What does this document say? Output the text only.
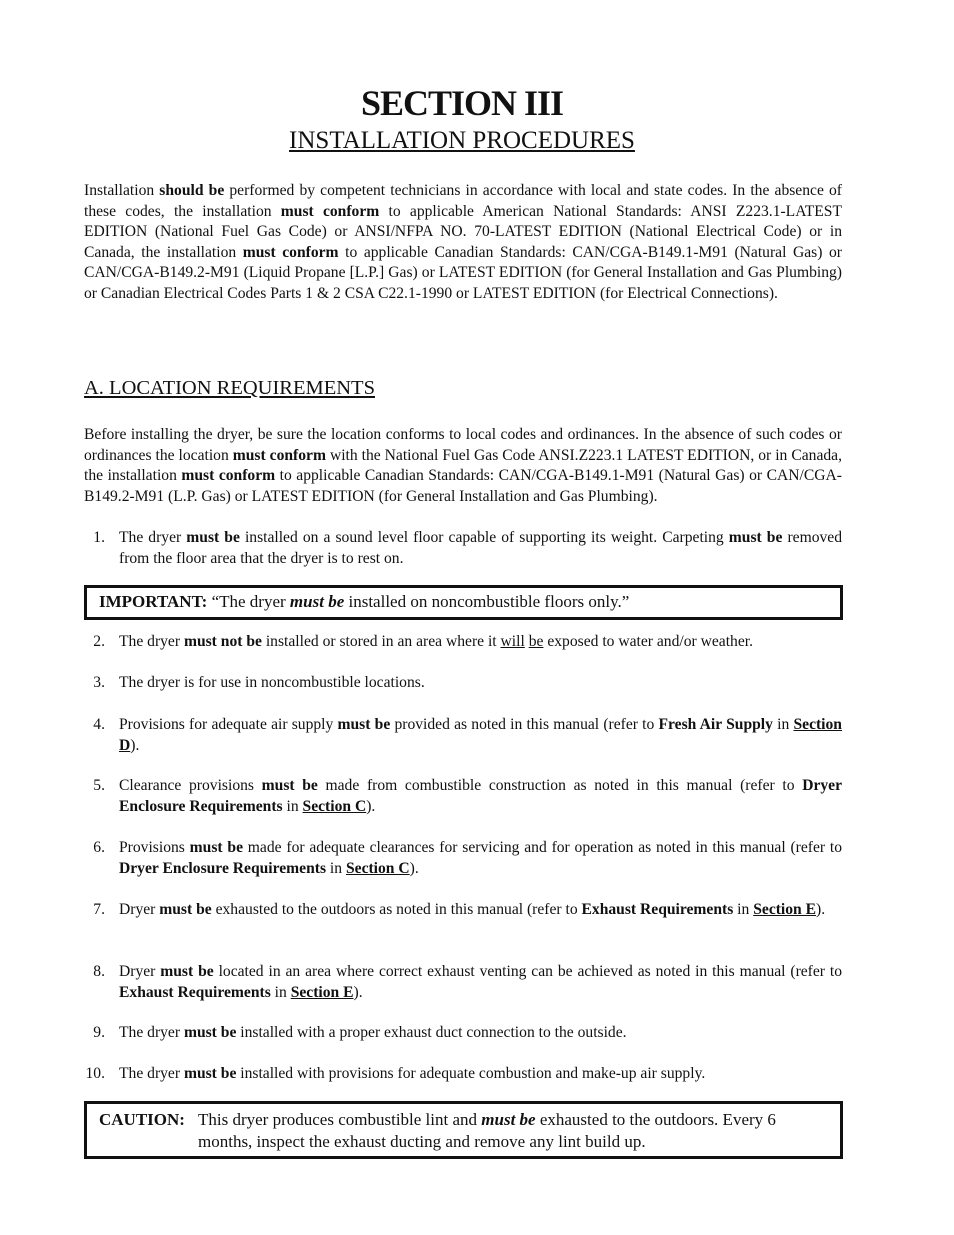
SECTION III
INSTALLATION PROCEDURES
Installation should be performed by competent technicians in accordance with local and state codes. In the absence of these codes, the installation must conform to applicable American National Standards: ANSI Z223.1-LATEST EDITION (National Fuel Gas Code) or ANSI/NFPA NO. 70-LATEST EDITION (National Electrical Code) or in Canada, the installation must conform to applicable Canadian Standards: CAN/CGA-B149.1-M91 (Natural Gas) or CAN/CGA-B149.2-M91 (Liquid Propane [L.P.] Gas) or LATEST EDITION (for General Installation and Gas Plumbing) or Canadian Electrical Codes Parts 1 & 2 CSA C22.1-1990 or LATEST EDITION (for Electrical Connections).
A. LOCATION REQUIREMENTS
Before installing the dryer, be sure the location conforms to local codes and ordinances. In the absence of such codes or ordinances the location must conform with the National Fuel Gas Code ANSI.Z223.1 LATEST EDITION, or in Canada, the installation must conform to applicable Canadian Standards: CAN/CGA-B149.1-M91 (Natural Gas) or CAN/CGA-B149.2-M91 (L.P. Gas) or LATEST EDITION (for General Installation and Gas Plumbing).
1. The dryer must be installed on a sound level floor capable of supporting its weight. Carpeting must be removed from the floor area that the dryer is to rest on.
IMPORTANT: “The dryer must be installed on noncombustible floors only.”
2. The dryer must not be installed or stored in an area where it will be exposed to water and/or weather.
3. The dryer is for use in noncombustible locations.
4. Provisions for adequate air supply must be provided as noted in this manual (refer to Fresh Air Supply in Section D).
5. Clearance provisions must be made from combustible construction as noted in this manual (refer to Dryer Enclosure Requirements in Section C).
6. Provisions must be made for adequate clearances for servicing and for operation as noted in this manual (refer to Dryer Enclosure Requirements in Section C).
7. Dryer must be exhausted to the outdoors as noted in this manual (refer to Exhaust Requirements in Section E).
8. Dryer must be located in an area where correct exhaust venting can be achieved as noted in this manual (refer to Exhaust Requirements in Section E).
9. The dryer must be installed with a proper exhaust duct connection to the outside.
10. The dryer must be installed with provisions for adequate combustion and make-up air supply.
CAUTION: This dryer produces combustible lint and must be exhausted to the outdoors. Every 6 months, inspect the exhaust ducting and remove any lint build up.
